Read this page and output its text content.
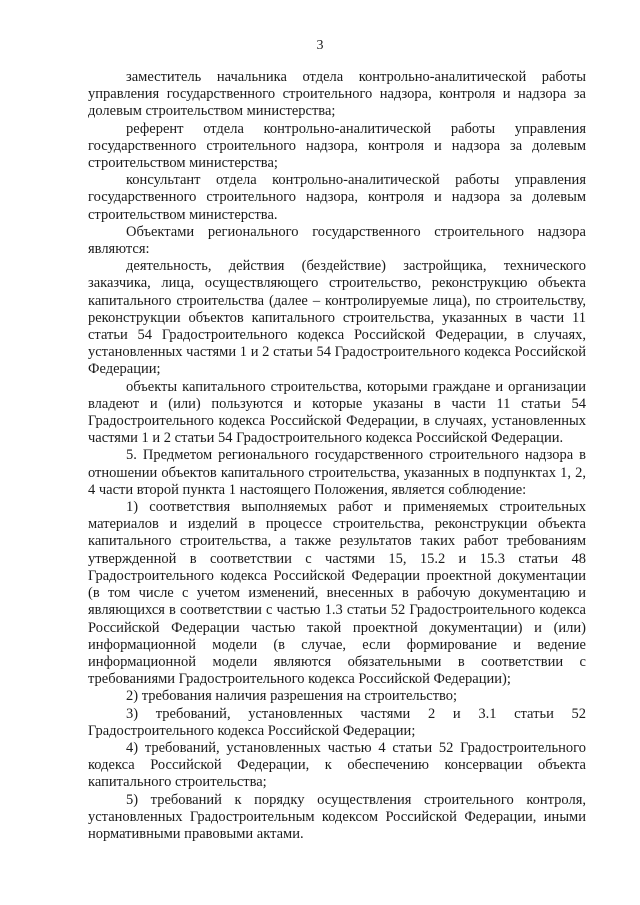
3

заместитель начальника отдела контрольно-аналитической работы управления государственного строительного надзора, контроля и надзора за долевым строительством министерства;

референт отдела контрольно-аналитической работы управления государственного строительного надзора, контроля и надзора за долевым строительством министерства;

консультант отдела контрольно-аналитической работы управления государственного строительного надзора, контроля и надзора за долевым строительством министерства.

Объектами регионального государственного строительного надзора являются:

деятельность, действия (бездействие) застройщика, технического заказчика, лица, осуществляющего строительство, реконструкцию объекта капитального строительства (далее – контролируемые лица), по строительству, реконструкции объектов капитального строительства, указанных в части 11 статьи 54 Градостроительного кодекса Российской Федерации, в случаях, установленных частями 1 и 2 статьи 54 Градостроительного кодекса Российской Федерации;

объекты капитального строительства, которыми граждане и организации владеют и (или) пользуются и которые указаны в части 11 статьи 54 Градостроительного кодекса Российской Федерации, в случаях, установленных частями 1 и 2 статьи 54 Градостроительного кодекса Российской Федерации.

5. Предметом регионального государственного строительного надзора в отношении объектов капитального строительства, указанных в подпунктах 1, 2, 4 части второй пункта 1 настоящего Положения, является соблюдение:

1) соответствия выполняемых работ и применяемых строительных материалов и изделий в процессе строительства, реконструкции объекта капитального строительства, а также результатов таких работ требованиям утвержденной в соответствии с частями 15, 15.2 и 15.3 статьи 48 Градостроительного кодекса Российской Федерации проектной документации (в том числе с учетом изменений, внесенных в рабочую документацию и являющихся в соответствии с частью 1.3 статьи 52 Градостроительного кодекса Российской Федерации частью такой проектной документации) и (или) информационной модели (в случае, если формирование и ведение информационной модели являются обязательными в соответствии с требованиями Градостроительного кодекса Российской Федерации);

2) требования наличия разрешения на строительство;

3) требований, установленных частями 2 и 3.1 статьи 52 Градостроительного кодекса Российской Федерации;

4) требований, установленных частью 4 статьи 52 Градостроительного кодекса Российской Федерации, к обеспечению консервации объекта капитального строительства;

5) требований к порядку осуществления строительного контроля, установленных Градостроительным кодексом Российской Федерации, иными нормативными правовыми актами.
